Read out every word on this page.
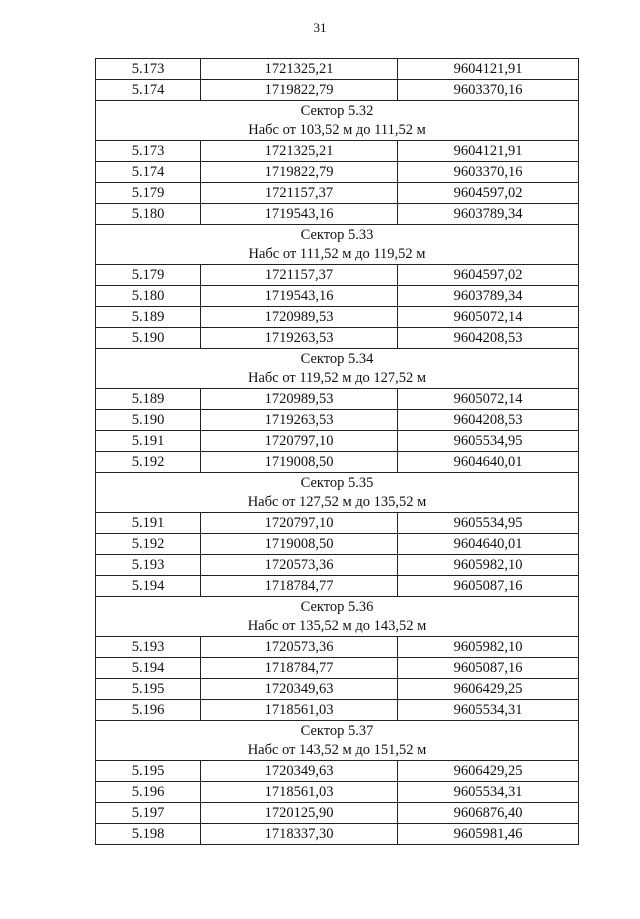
31
5.173	1721325,21	9604121,91
5.174	1719822,79	9603370,16

Сектор 5.32
Набс от 103,52 м до 111,52 м		

5.173	1721325,21	9604121,91
5.174	1719822,79	9603370,16
5.179	1721157,37	9604597,02
5.180	1719543,16	9603789,34

Сектор 5.33
Набс от 111,52 м до 119,52 м		

5.179	1721157,37	9604597,02
5.180	1719543,16	9603789,34
5.189	1720989,53	9605072,14
5.190	1719263,53	9604208,53

Сектор 5.34
Набс от 119,52 м до 127,52 м		

5.189	1720989,53	9605072,14
5.190	1719263,53	9604208,53
5.191	1720797,10	9605534,95
5.192	1719008,50	9604640,01

Сектор 5.35
Набс от 127,52 м до 135,52 м		

5.191	1720797,10	9605534,95
5.192	1719008,50	9604640,01
5.193	1720573,36	9605982,10
5.194	1718784,77	9605087,16

Сектор 5.36
Набс от 135,52 м до 143,52 м		

5.193	1720573,36	9605982,10
5.194	1718784,77	9605087,16
5.195	1720349,63	9606429,25
5.196	1718561,03	9605534,31

Сектор 5.37
Набс от 143,52 м до 151,52 м		

5.195	1720349,63	9606429,25
5.196	1718561,03	9605534,31
5.197	1720125,90	9606876,40
5.198	1718337,30	9605981,46
